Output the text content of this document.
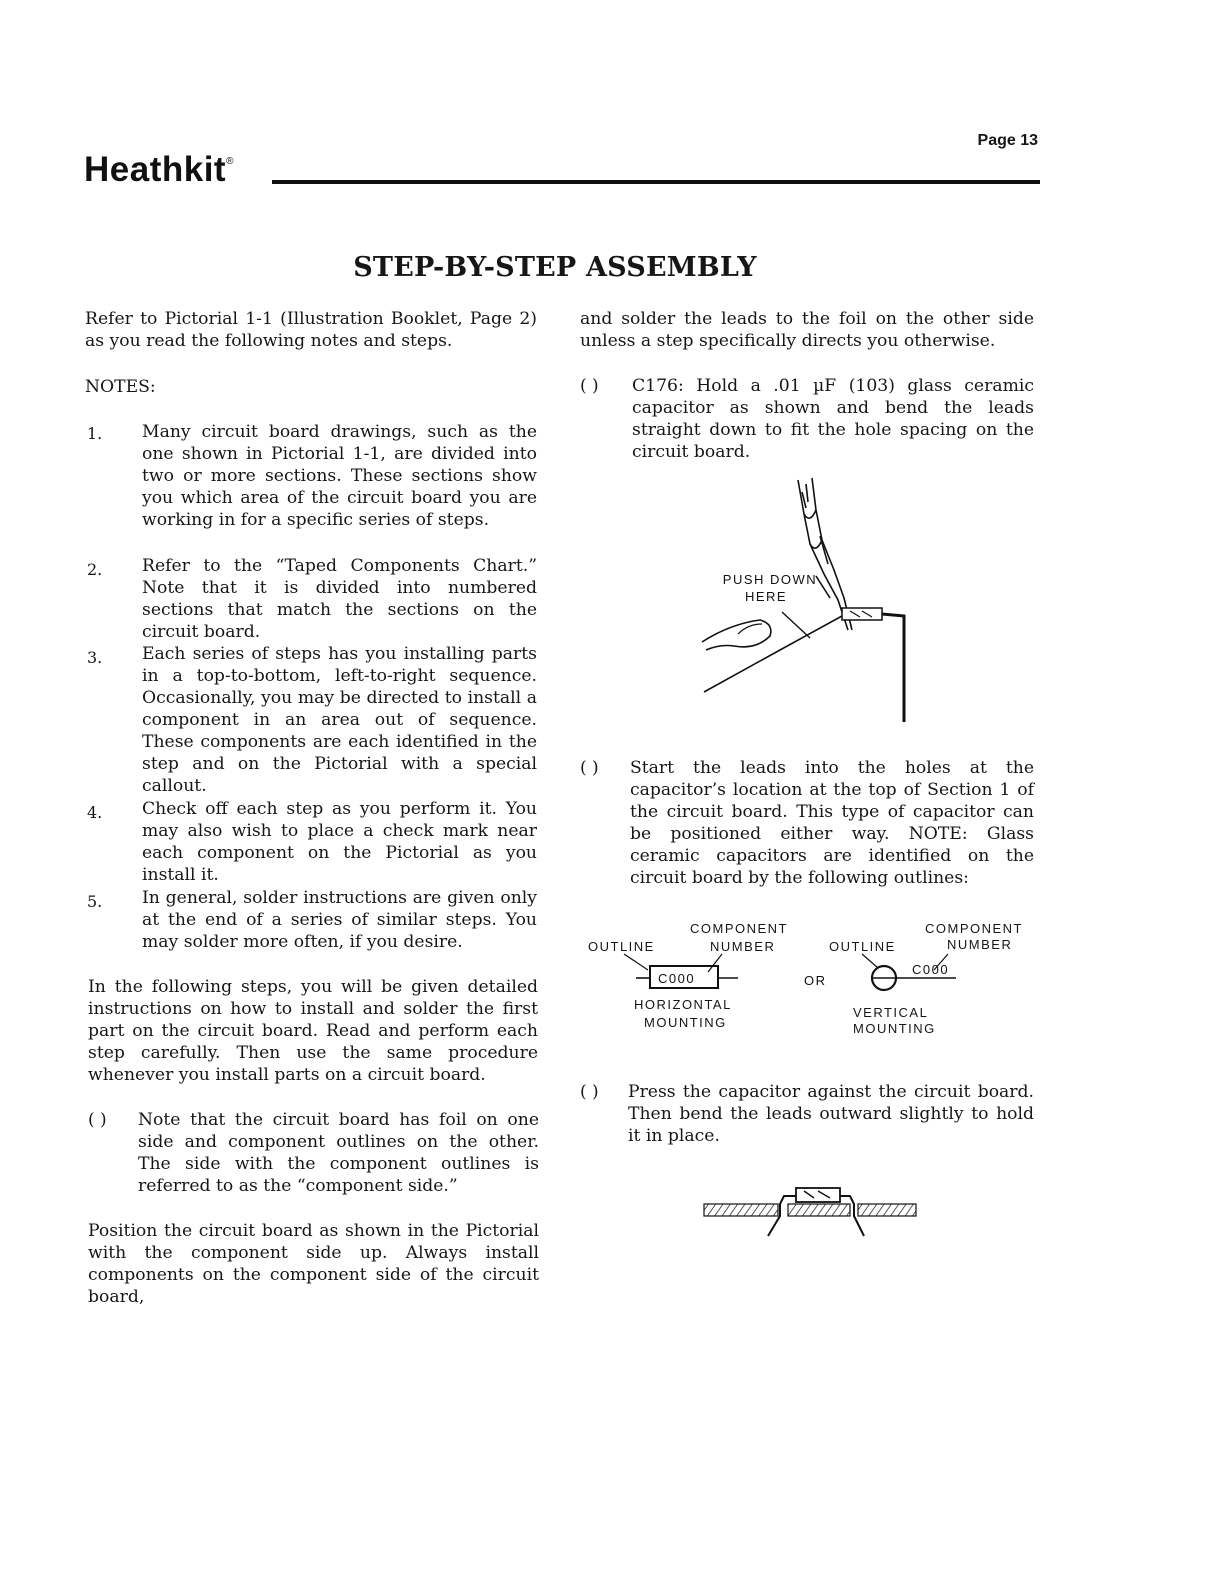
Heathkit®
Page 13
STEP-BY-STEP ASSEMBLY
Refer to Pictorial 1-1 (Illustration Booklet, Page 2) as you read the following notes and steps.
NOTES:
1. Many circuit board drawings, such as the one shown in Pictorial 1-1, are divided into two or more sections. These sections show you which area of the circuit board you are working in for a specific series of steps.
2. Refer to the “Taped Components Chart.” Note that it is divided into numbered sections that match the sections on the circuit board.
3. Each series of steps has you installing parts in a top-to-bottom, left-to-right sequence. Occasionally, you may be directed to install a component in an area out of sequence. These components are each identified in the step and on the Pictorial with a special callout.
4. Check off each step as you perform it. You may also wish to place a check mark near each component on the Pictorial as you install it.
5. In general, solder instructions are given only at the end of a series of similar steps. You may solder more often, if you desire.
In the following steps, you will be given detailed instructions on how to install and solder the first part on the circuit board. Read and perform each step carefully. Then use the same procedure whenever you install parts on a circuit board.
( ) Note that the circuit board has foil on one side and component outlines on the other. The side with the component outlines is referred to as the “component side.”
Position the circuit board as shown in the Pictorial with the component side up. Always install components on the component side of the circuit board,
and solder the leads to the foil on the other side unless a step specifically directs you otherwise.
( ) C176: Hold a .01 µF (103) glass ceramic capacitor as shown and bend the leads straight down to fit the hole spacing on the circuit board.
PUSH DOWN
HERE
( ) Start the leads into the holes at the capacitor’s location at the top of Section 1 of the circuit board. This type of capacitor can be positioned either way. NOTE: Glass ceramic capacitors are identified on the circuit board by the following outlines:
COMPONENT
OUTLINE	NUMBER
COMPONENT
OUTLINE	NUMBER
C000
C000
OR
HORIZONTAL
MOUNTING
VERTICAL
MOUNTING
( ) Press the capacitor against the circuit board. Then bend the leads outward slightly to hold it in place.
